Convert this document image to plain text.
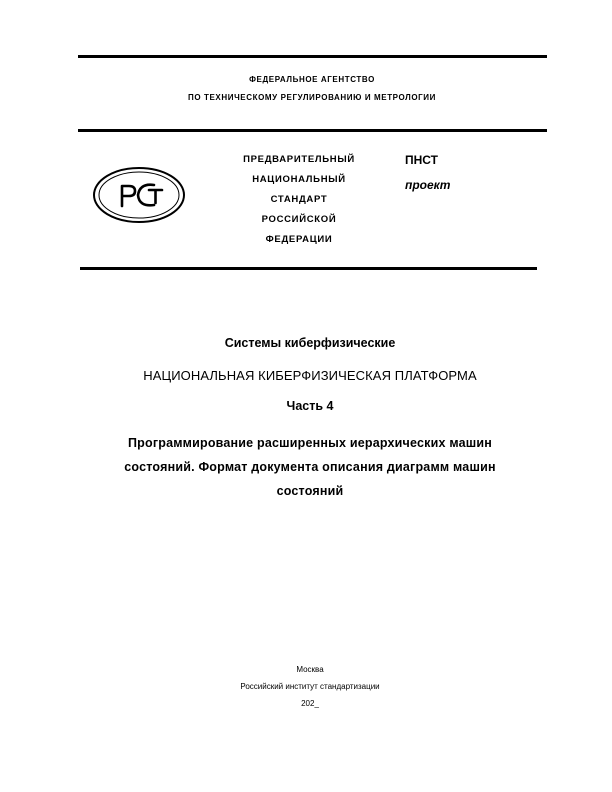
ФЕДЕРАЛЬНОЕ АГЕНТСТВО
ПО ТЕХНИЧЕСКОМУ РЕГУЛИРОВАНИЮ И МЕТРОЛОГИИ
ПРЕДВАРИТЕЛЬНЫЙ
НАЦИОНАЛЬНЫЙ
СТАНДАРТ
РОССИЙСКОЙ
ФЕДЕРАЦИИ
ПНСТ
проект
Системы киберфизические
НАЦИОНАЛЬНАЯ КИБЕРФИЗИЧЕСКАЯ ПЛАТФОРМА
Часть 4
Программирование расширенных иерархических машин
состояний. Формат документа описания диаграмм машин
состояний
Москва
Российский институт стандартизации
202_
